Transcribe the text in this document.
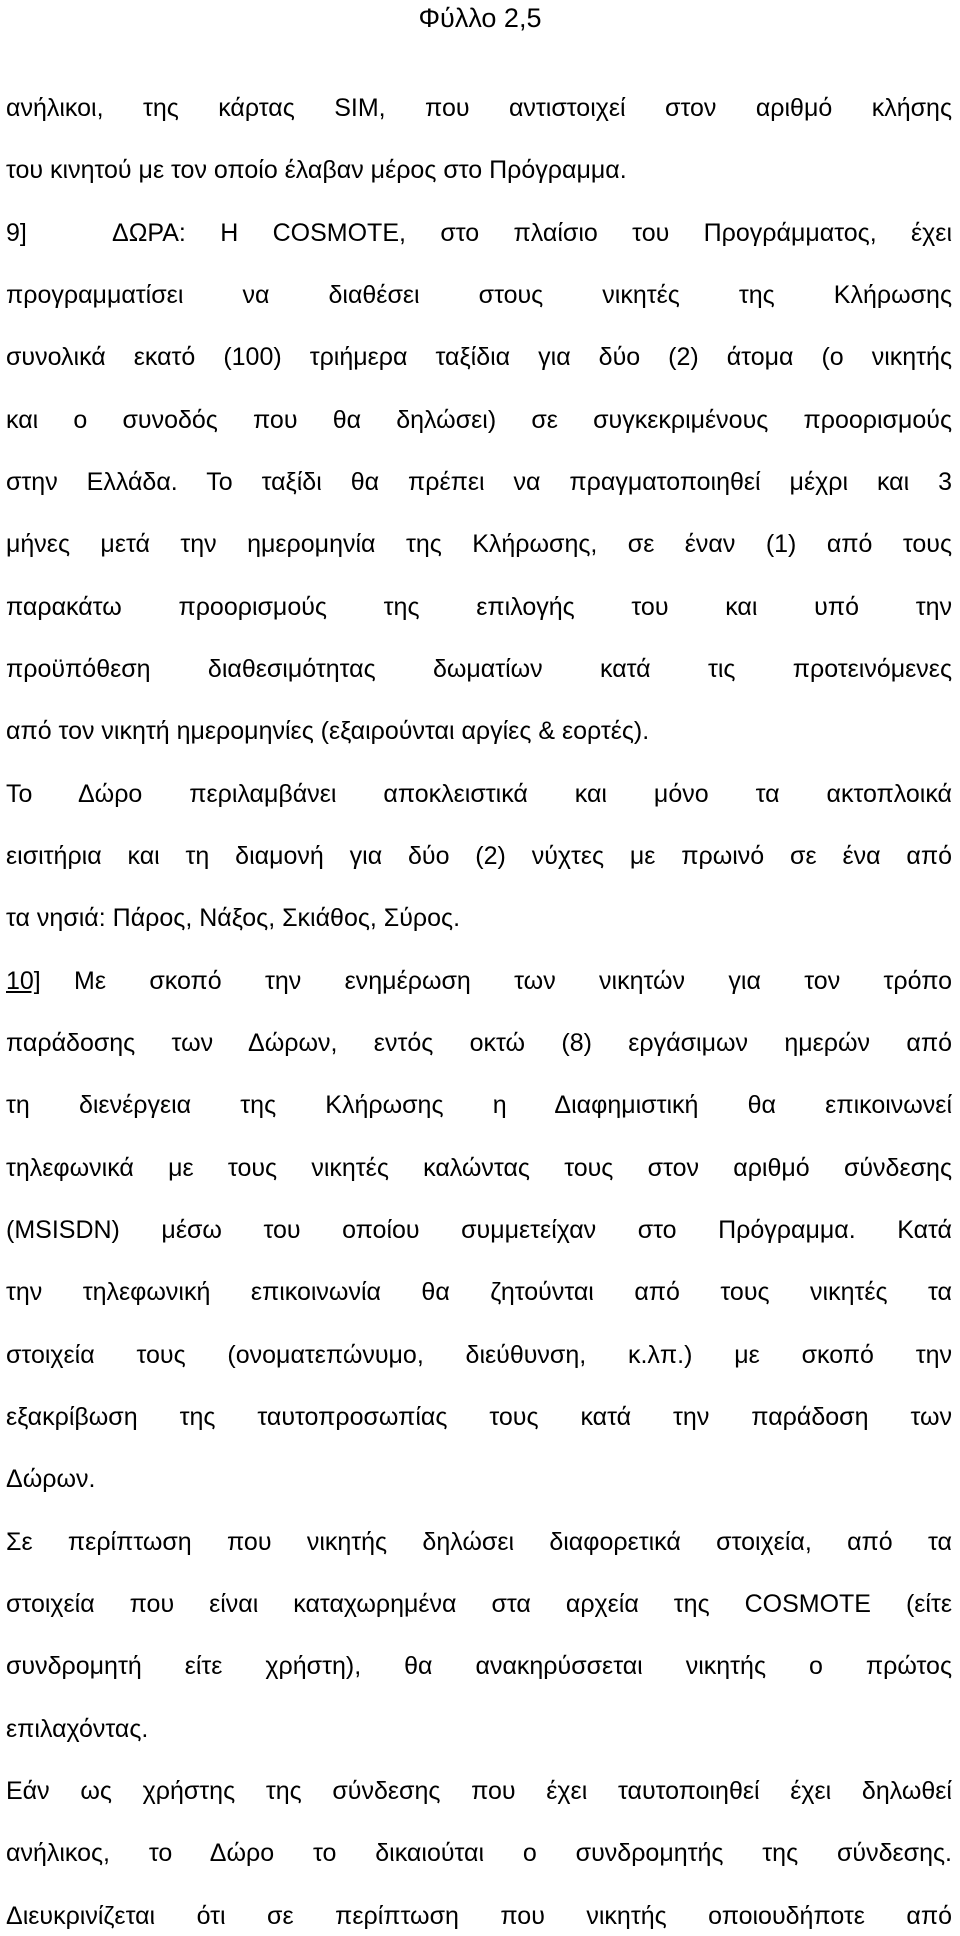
Φύλλο 2,5
ανήλικοι, της κάρτας SIM, που αντιστοιχεί στον αριθμό κλήσης
του κινητού με τον οποίο έλαβαν μέρος στο Πρόγραμμα.
9]	ΔΩΡΑ: Η COSMOTE, στο πλαίσιο του Προγράμματος, έχει
προγραμματίσει να διαθέσει στους νικητές της Κλήρωσης
συνολικά εκατό (100) τριήμερα ταξίδια για δύο (2) άτομα (ο νικητής
και ο συνοδός που θα δηλώσει) σε συγκεκριμένους προορισμούς
στην Ελλάδα. Το ταξίδι θα πρέπει να πραγματοποιηθεί μέχρι και 3
μήνες μετά την ημερομηνία της Κλήρωσης, σε έναν (1) από τους
παρακάτω προορισμούς της επιλογής του και υπό την
προϋπόθεση διαθεσιμότητας δωματίων κατά τις προτεινόμενες
από τον νικητή ημερομηνίες (εξαιρούνται αργίες & εορτές).
Το Δώρο περιλαμβάνει αποκλειστικά και μόνο τα ακτοπλοικά
εισιτήρια και τη διαμονή για δύο (2) νύχτες με πρωινό σε ένα από
τα νησιά: Πάρος, Νάξος, Σκιάθος, Σύρος.
10]	Με σκοπό την ενημέρωση των νικητών για τον τρόπο
παράδοσης των Δώρων, εντός οκτώ (8) εργάσιμων ημερών από
τη διενέργεια της Κλήρωσης η Διαφημιστική θα επικοινωνεί
τηλεφωνικά με τους νικητές καλώντας τους στον αριθμό σύνδεσης
(MSISDN) μέσω του οποίου συμμετείχαν στο Πρόγραμμα. Κατά
την τηλεφωνική επικοινωνία θα ζητούνται από τους νικητές τα
στοιχεία τους (ονοματεπώνυμο, διεύθυνση, κ.λπ.) με σκοπό την
εξακρίβωση της ταυτοπροσωπίας τους κατά την παράδοση των
Δώρων.
Σε περίπτωση που νικητής δηλώσει διαφορετικά στοιχεία, από τα
στοιχεία που είναι καταχωρημένα στα αρχεία της COSMOTE (είτε
συνδρομητή είτε χρήστη), θα ανακηρύσσεται νικητής ο πρώτος
επιλαχόντας.
Εάν ως χρήστης της σύνδεσης που έχει ταυτοποιηθεί έχει δηλωθεί
ανήλικος, το Δώρο το δικαιούται ο συνδρομητής της σύνδεσης.
Διευκρινίζεται ότι σε περίπτωση που νικητής οποιουδήποτε από
